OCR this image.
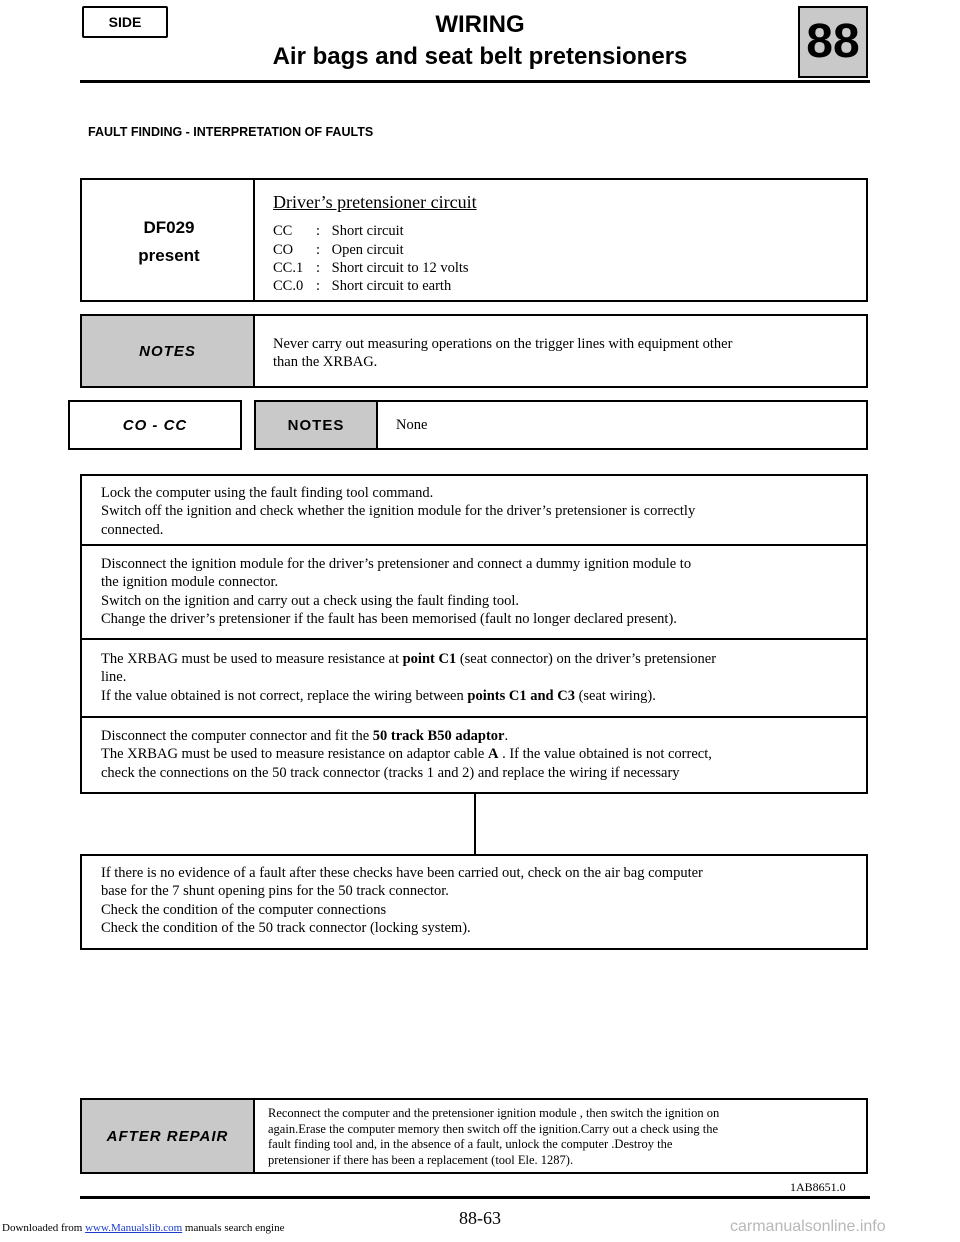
SIDE	WIRING
Air bags and seat belt pretensioners	88
FAULT FINDING - INTERPRETATION OF FAULTS
DF029
present
Driver’s pretensioner circuit
CC : Short circuit
CO : Open circuit
CC.1 : Short circuit to 12 volts
CC.0 : Short circuit to earth
NOTES	Never carry out measuring operations on the trigger lines with equipment other
than the XRBAG.
CO - CC	NOTES	None
Lock the computer using the fault finding tool command.
Switch off the ignition and check whether the ignition module for the driver’s pretensioner is correctly
connected.
Disconnect the ignition module for the driver’s pretensioner and connect a dummy ignition module to
the ignition module connector.
Switch on the ignition and carry out a check using the fault finding tool.
Change the driver’s pretensioner if the fault has been memorised (fault no longer declared present).
The XRBAG must be used to measure resistance at point C1 (seat connector) on the driver’s pretensioner
line.
If the value obtained is not correct, replace the wiring between points C1 and C3 (seat wiring).
Disconnect the computer connector and fit the 50 track B50 adaptor.
The XRBAG must be used to measure resistance on adaptor cable A . If the value obtained is not correct,
check the connections on the 50 track connector (tracks 1 and 2) and replace the wiring if necessary
If there is no evidence of a fault after these checks have been carried out, check on the air bag computer
base for the 7 shunt opening pins for the 50 track connector.
Check the condition of the computer connections
Check the condition of the 50 track connector (locking system).
AFTER REPAIR
Reconnect the computer and the pretensioner ignition module , then switch the ignition on
again.Erase the computer memory then switch off the ignition.Carry out a check using the
fault finding tool and, in the absence of a fault, unlock the computer .Destroy the
pretensioner if there has been a replacement (tool Ele. 1287).
1AB8651.0
88-63
Downloaded from www.Manualslib.com manuals search engine	carmanualsonline.info
